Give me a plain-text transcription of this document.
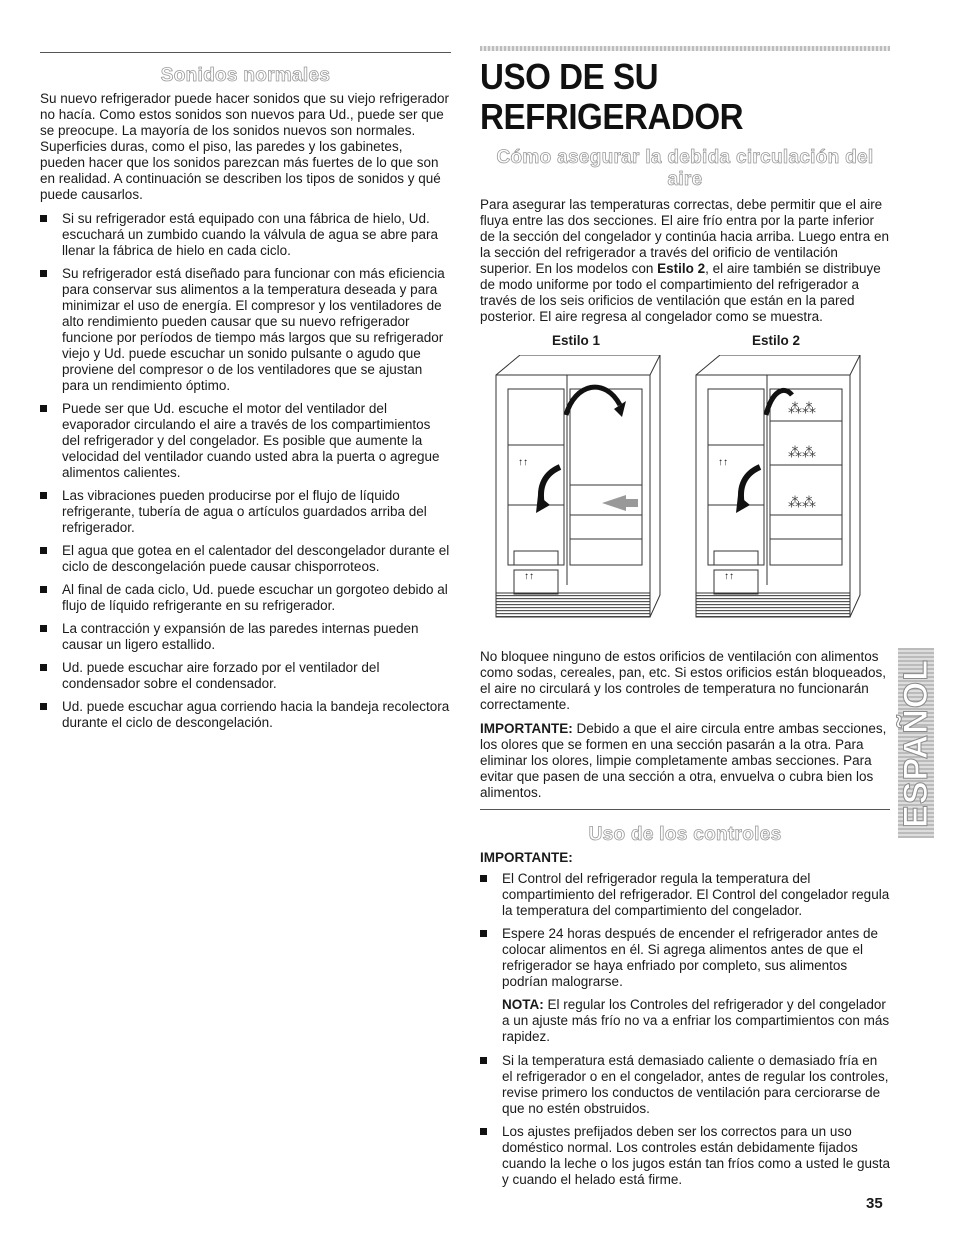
Sonidos normales

Su nuevo refrigerador puede hacer sonidos que su viejo refrigerador no hacía. Como estos sonidos son nuevos para Ud., puede ser que se preocupe. La mayoría de los sonidos nuevos son normales. Superficies duras, como el piso, las paredes y los gabinetes, pueden hacer que los sonidos parezcan más fuertes de lo que son en realidad. A continuación se describen los tipos de sonidos y qué puede causarlos.

Si su refrigerador está equipado con una fábrica de hielo, Ud. escuchará un zumbido cuando la válvula de agua se abre para llenar la fábrica de hielo en cada ciclo.
Su refrigerador está diseñado para funcionar con más eficiencia para conservar sus alimentos a la temperatura deseada y para minimizar el uso de energía. El compresor y los ventiladores de alto rendimiento pueden causar que su nuevo refrigerador funcione por períodos de tiempo más largos que su refrigerador viejo y Ud. puede escuchar un sonido pulsante o agudo que proviene del compresor o de los ventiladores que se ajustan para un rendimiento óptimo.
Puede ser que Ud. escuche el motor del ventilador del evaporador circulando el aire a través de los compartimientos del refrigerador y del congelador. Es posible que aumente la velocidad del ventilador cuando usted abra la puerta o agregue alimentos calientes.
Las vibraciones pueden producirse por el flujo de líquido refrigerante, tubería de agua o artículos guardados arriba del refrigerador.
El agua que gotea en el calentador del descongelador durante el ciclo de descongelación puede causar chisporroteos.
Al final de cada ciclo, Ud. puede escuchar un gorgoteo debido al flujo de líquido refrigerante en su refrigerador.
La contracción y expansión de las paredes internas pueden causar un ligero estallido.
Ud. puede escuchar aire forzado por el ventilador del condensador sobre el condensador.
Ud. puede escuchar agua corriendo hacia la bandeja recolectora durante el ciclo de descongelación.
USO DE SU REFRIGERADOR
Cómo asegurar la debida circulación del aire

Para asegurar las temperaturas correctas, debe permitir que el aire fluya entre las dos secciones. El aire frío entra por la parte inferior de la sección del congelador y continúa hacia arriba. Luego entra en la sección del refrigerador a través del orificio de ventilación superior. En los modelos con Estilo 2, el aire también se distribuye de modo uniforme por todo el compartimiento del refrigerador a través de los seis orificios de ventilación que están en la pared posterior. El aire regresa al congelador como se muestra.

Estilo 1	Estilo 2
↑↑
↑↑
⁂⁂
⁂⁂
⁂⁂
↑↑
↑↑

No bloquee ninguno de estos orificios de ventilación con alimentos como sodas, cereales, pan, etc. Si estos orificios están bloqueados, el aire no circulará y los controles de temperatura no funcionarán correctamente.

IMPORTANTE: Debido a que el aire circula entre ambas secciones, los olores que se formen en una sección pasarán a la otra. Para eliminar los olores, limpie completamente ambas secciones. Para evitar que pasen de una sección a otra, envuelva o cubra bien los alimentos.

Uso de los controles
IMPORTANTE:
El Control del refrigerador regula la temperatura del compartimiento del refrigerador. El Control del congelador regula la temperatura del compartimiento del congelador.
Espere 24 horas después de encender el refrigerador antes de colocar alimentos en él. Si agrega alimentos antes de que el refrigerador se haya enfriado por completo, sus alimentos podrían malograrse.

NOTA: El regular los Controles del refrigerador y del congelador a un ajuste más frío no va a enfriar los compartimientos con más rapidez.

Si la temperatura está demasiado caliente o demasiado fría en el refrigerador o en el congelador, antes de regular los controles, revise primero los conductos de ventilación para cerciorarse de que no estén obstruidos.
Los ajustes prefijados deben ser los correctos para un uso doméstico normal. Los controles están debidamente fijados cuando la leche o los jugos están tan fríos como a usted le gusta y cuando el helado está firme.
ESPAÑOL
35
